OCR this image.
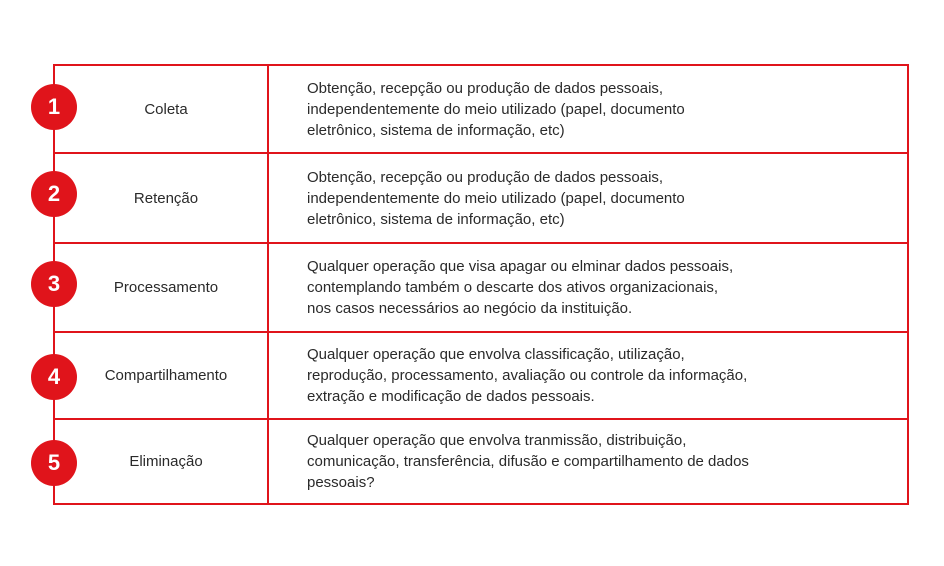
Coleta
Obtenção, recepção ou produção de dados pessoais,
independentemente do meio utilizado (papel, documento
eletrônico, sistema de informação, etc)
Retenção
Obtenção, recepção ou produção de dados pessoais,
independentemente do meio utilizado (papel, documento
eletrônico, sistema de informação, etc)
Processamento
Qualquer operação que visa apagar ou elminar dados pessoais,
contemplando também o descarte dos ativos organizacionais,
nos casos necessários ao negócio da instituição.
Compartilhamento
Qualquer operação que envolva classificação, utilização,
reprodução, processamento, avaliação ou controle da informação,
extração e modificação de dados pessoais.
Eliminação
Qualquer operação que envolva tranmissão, distribuição,
comunicação, transferência, difusão e compartilhamento de dados
pessoais?
1
2
3
4
5
